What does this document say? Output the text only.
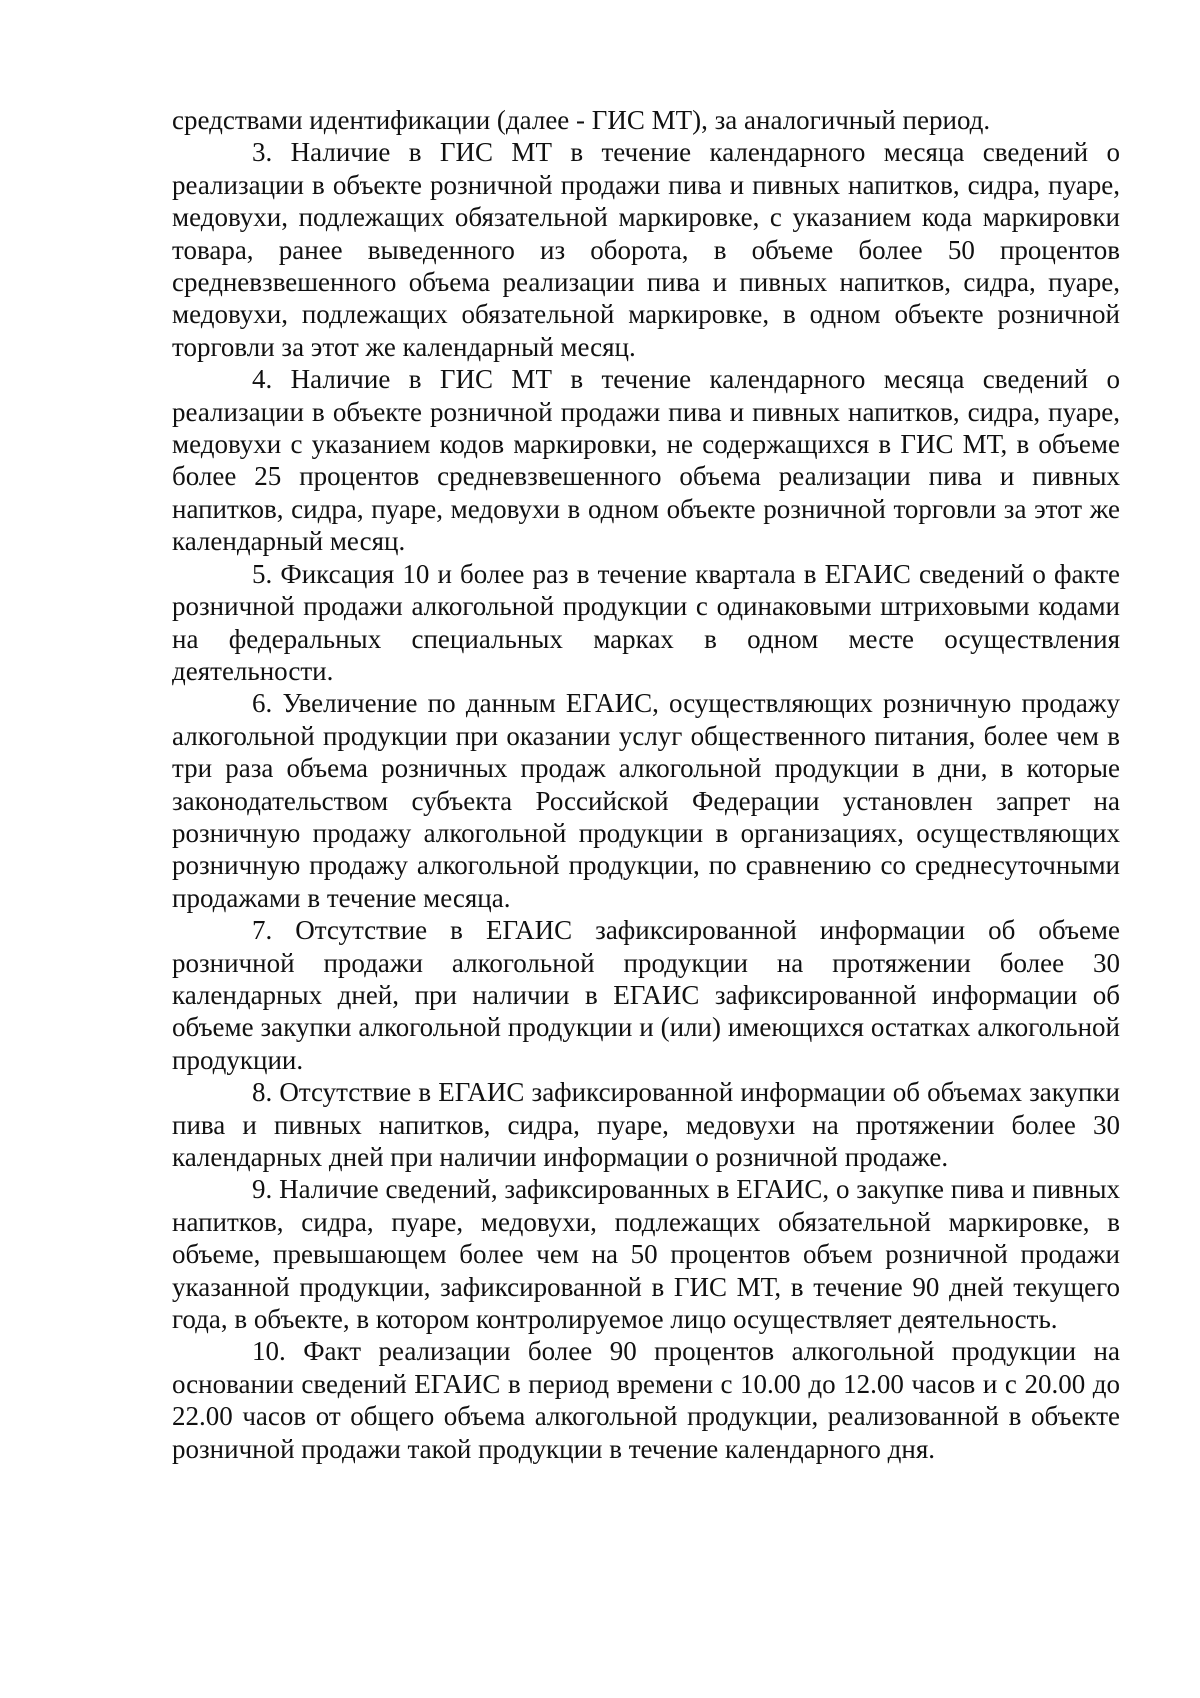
средствами идентификации (далее - ГИС МТ), за аналогичный период.

3. Наличие в ГИС МТ в течение календарного месяца сведений о реализации в объекте розничной продажи пива и пивных напитков, сидра, пуаре, медовухи, подлежащих обязательной маркировке, с указанием кода маркировки товара, ранее выведенного из оборота, в объеме более 50 процентов средневзвешенного объема реализации пива и пивных напитков, сидра, пуаре, медовухи, подлежащих обязательной маркировке, в одном объекте розничной торговли за этот же календарный месяц.

4. Наличие в ГИС МТ в течение календарного месяца сведений о реализации в объекте розничной продажи пива и пивных напитков, сидра, пуаре, медовухи с указанием кодов маркировки, не содержащихся в ГИС МТ, в объеме более 25 процентов средневзвешенного объема реализации пива и пивных напитков, сидра, пуаре, медовухи в одном объекте розничной торговли за этот же календарный месяц.

5. Фиксация 10 и более раз в течение квартала в ЕГАИС сведений о факте розничной продажи алкогольной продукции с одинаковыми штриховыми кодами на федеральных специальных марках в одном месте осуществления деятельности.

6. Увеличение по данным ЕГАИС, осуществляющих розничную продажу алкогольной продукции при оказании услуг общественного питания, более чем в три раза объема розничных продаж алкогольной продукции в дни, в которые законодательством субъекта Российской Федерации установлен запрет на розничную продажу алкогольной продукции в организациях, осуществляющих розничную продажу алкогольной продукции, по сравнению со среднесуточными продажами в течение месяца.

7. Отсутствие в ЕГАИС зафиксированной информации об объеме розничной продажи алкогольной продукции на протяжении более 30 календарных дней, при наличии в ЕГАИС зафиксированной информации об объеме закупки алкогольной продукции и (или) имеющихся остатках алкогольной продукции.

8. Отсутствие в ЕГАИС зафиксированной информации об объемах закупки пива и пивных напитков, сидра, пуаре, медовухи на протяжении более 30 календарных дней при наличии информации о розничной продаже.

9. Наличие сведений, зафиксированных в ЕГАИС, о закупке пива и пивных напитков, сидра, пуаре, медовухи, подлежащих обязательной маркировке, в объеме, превышающем более чем на 50 процентов объем розничной продажи указанной продукции, зафиксированной в ГИС МТ, в течение 90 дней текущего года, в объекте, в котором контролируемое лицо осуществляет деятельность.

10. Факт реализации более 90 процентов алкогольной продукции на основании сведений ЕГАИС в период времени с 10.00 до 12.00 часов и с 20.00 до 22.00 часов от общего объема алкогольной продукции, реализованной в объекте розничной продажи такой продукции в течение календарного дня.
